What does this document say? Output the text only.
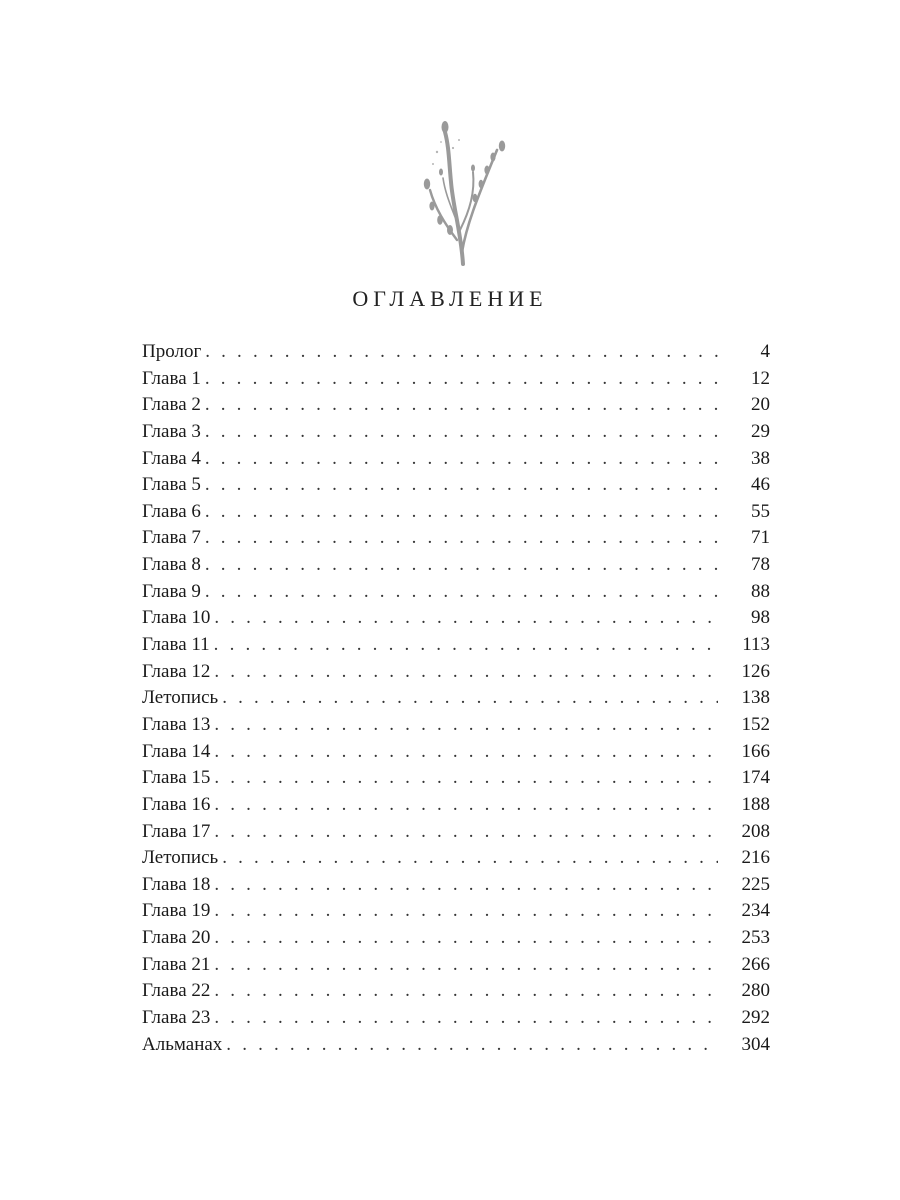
ОГЛАВЛЕНИЕ
Пролог . . .	4
Глава 1 . . .	12
Глава 2 . . .	20
Глава 3 . . .	29
Глава 4 . . .	38
Глава 5 . . .	46
Глава 6 . . .	55
Глава 7 . . .	71
Глава 8 . . .	78
Глава 9 . . .	88
Глава 10 . . .	98
Глава 11 . . .	113
Глава 12 . . .	126
Летопись . . .	138
Глава 13 . . .	152
Глава 14 . . .	166
Глава 15 . . .	174
Глава 16 . . .	188
Глава 17 . . .	208
Летопись . . .	216
Глава 18 . . .	225
Глава 19 . . .	234
Глава 20 . . .	253
Глава 21 . . .	266
Глава 22 . . .	280
Глава 23 . . .	292
Альманах . . .	304
